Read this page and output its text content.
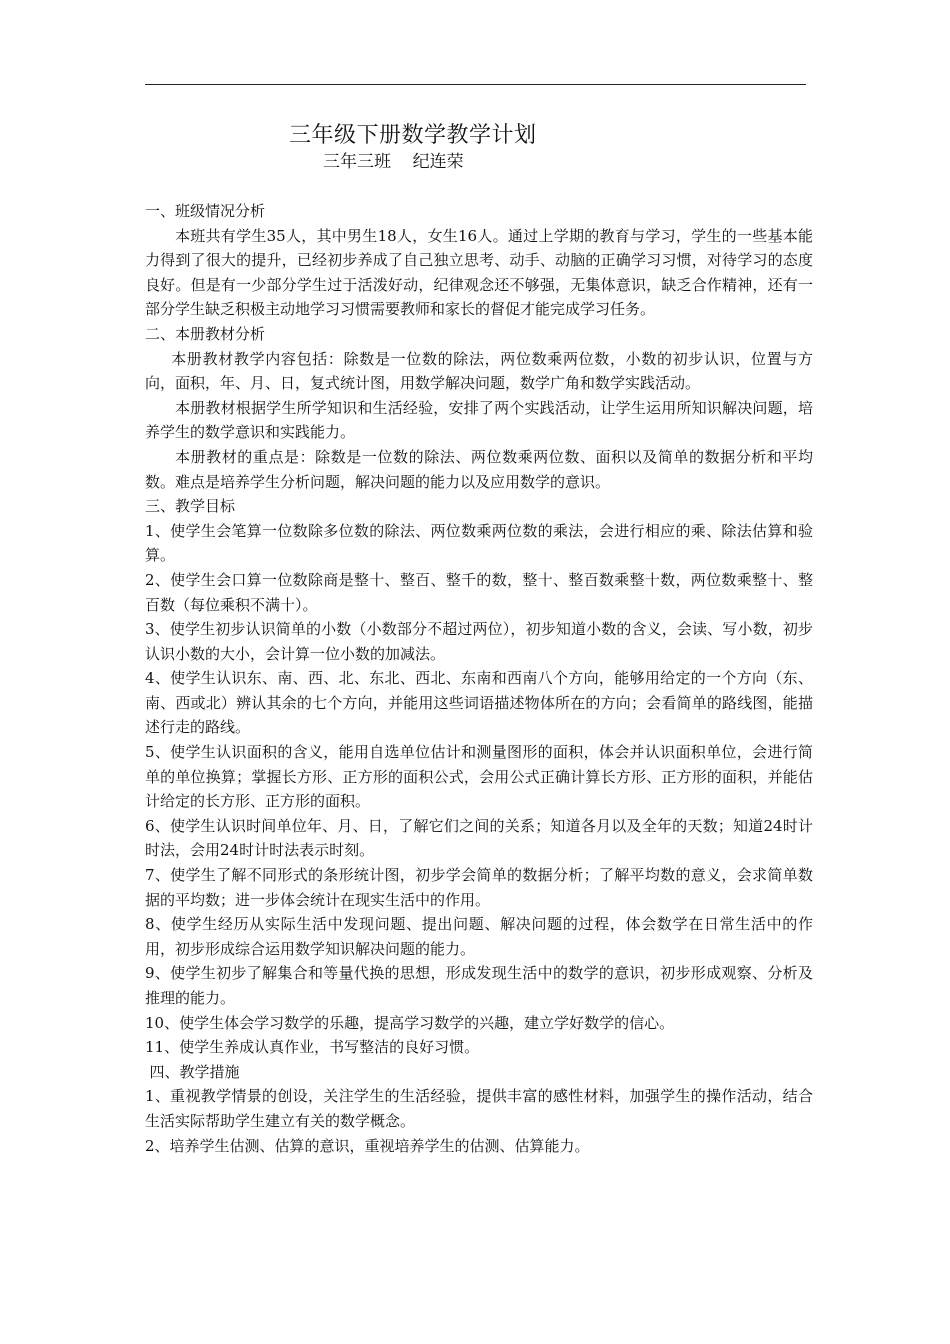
三年级下册数学教学计划
三年三班    纪连荣

一、班级情况分析

本班共有学生35人，其中男生18人，女生16人。通过上学期的教育与学习，学生的一些基本能力得到了很大的提升，已经初步养成了自己独立思考、动手、动脑的正确学习习惯，对待学习的态度良好。但是有一少部分学生过于活泼好动，纪律观念还不够强，无集体意识，缺乏合作精神，还有一部分学生缺乏积极主动地学习习惯需要教师和家长的督促才能完成学习任务。

二、本册教材分析

本册教材教学内容包括：除数是一位数的除法，两位数乘两位数，小数的初步认识，位置与方向，面积，年、月、日，复式统计图，用数学解决问题，数学广角和数学实践活动。

本册教材根据学生所学知识和生活经验，安排了两个实践活动，让学生运用所知识解决问题，培养学生的数学意识和实践能力。

本册教材的重点是：除数是一位数的除法、两位数乘两位数、面积以及简单的数据分析和平均数。难点是培养学生分析问题，解决问题的能力以及应用数学的意识。

三、教学目标

1、使学生会笔算一位数除多位数的除法、两位数乘两位数的乘法，会进行相应的乘、除法估算和验算。

2、使学生会口算一位数除商是整十、整百、整千的数，整十、整百数乘整十数，两位数乘整十、整百数（每位乘积不满十）。

3、使学生初步认识简单的小数（小数部分不超过两位），初步知道小数的含义，会读、写小数，初步认识小数的大小，会计算一位小数的加减法。

4、使学生认识东、南、西、北、东北、西北、东南和西南八个方向，能够用给定的一个方向（东、南、西或北）辨认其余的七个方向，并能用这些词语描述物体所在的方向；会看简单的路线图，能描述行走的路线。

5、使学生认识面积的含义，能用自选单位估计和测量图形的面积，体会并认识面积单位，会进行简单的单位换算；掌握长方形、正方形的面积公式，会用公式正确计算长方形、正方形的面积，并能估计给定的长方形、正方形的面积。

6、使学生认识时间单位年、月、日，了解它们之间的关系；知道各月以及全年的天数；知道24时计时法，会用24时计时法表示时刻。

7、使学生了解不同形式的条形统计图，初步学会简单的数据分析；了解平均数的意义，会求简单数据的平均数；进一步体会统计在现实生活中的作用。

8、使学生经历从实际生活中发现问题、提出问题、解决问题的过程，体会数学在日常生活中的作用，初步形成综合运用数学知识解决问题的能力。

9、使学生初步了解集合和等量代换的思想，形成发现生活中的数学的意识，初步形成观察、分析及推理的能力。

10、使学生体会学习数学的乐趣，提高学习数学的兴趣，建立学好数学的信心。

11、使学生养成认真作业，书写整洁的良好习惯。

四、教学措施

1、重视教学情景的创设，关注学生的生活经验，提供丰富的感性材料，加强学生的操作活动，结合生活实际帮助学生建立有关的数学概念。

2、培养学生估测、估算的意识，重视培养学生的估测、估算能力。
